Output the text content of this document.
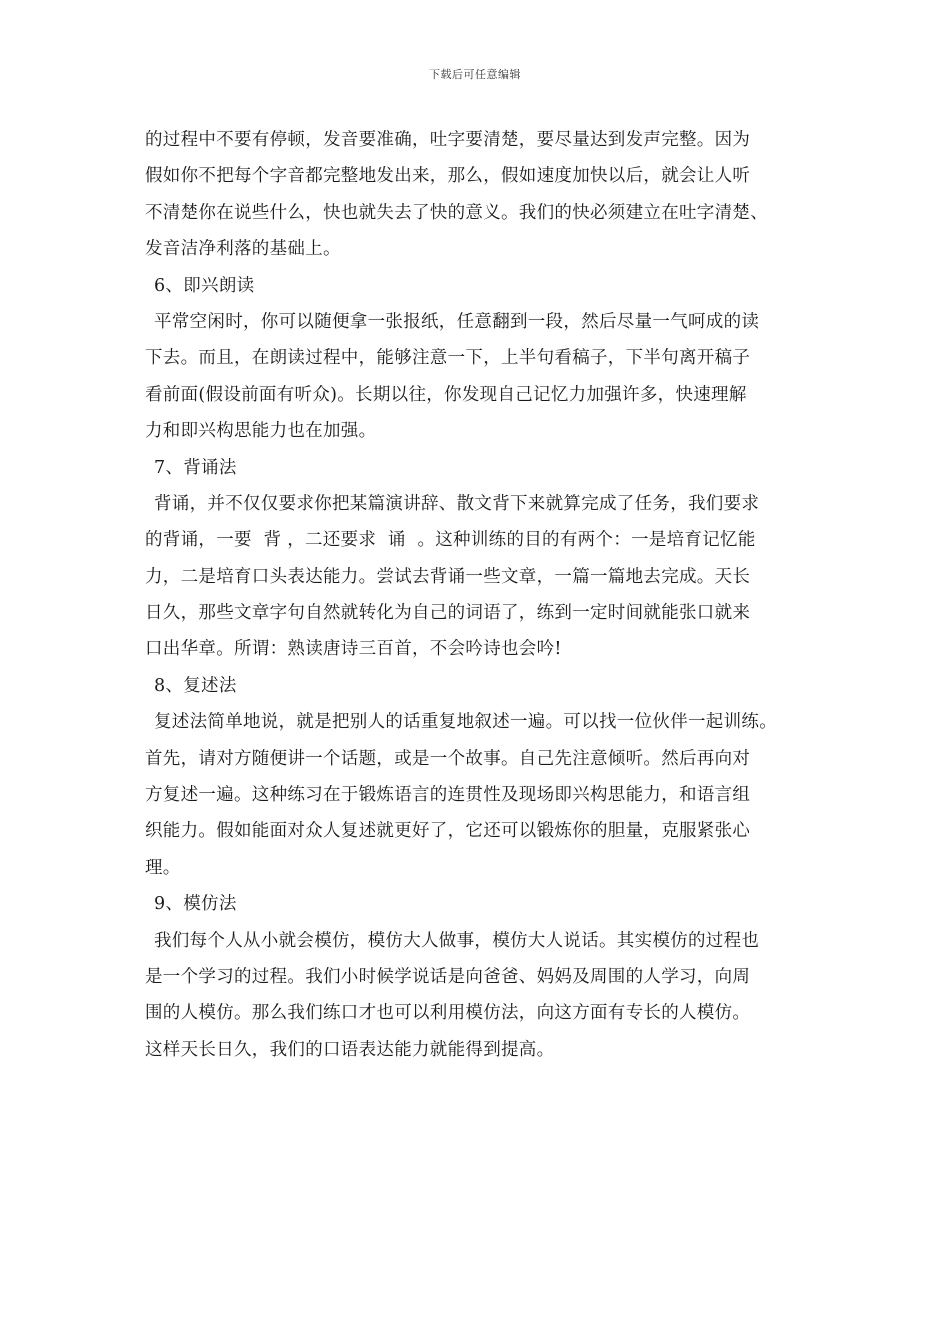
下载后可任意编辑
的过程中不要有停顿，发音要准确，吐字要清楚，要尽量达到发声完整。因为
假如你不把每个字音都完整地发出来，那么，假如速度加快以后，就会让人听
不清楚你在说些什么，快也就失去了快的意义。我们的快必须建立在吐字清楚、
发音洁净利落的基础上。
6、即兴朗读
平常空闲时，你可以随便拿一张报纸，任意翻到一段，然后尽量一气呵成的读
下去。而且，在朗读过程中，能够注意一下，上半句看稿子，下半句离开稿子
看前面(假设前面有听众)。长期以往，你发现自己记忆力加强许多，快速理解
力和即兴构思能力也在加强。
7、背诵法
背诵，并不仅仅要求你把某篇演讲辞、散文背下来就算完成了任务，我们要求
的背诵，一要  背 ，二还要求  诵  。这种训练的目的有两个：一是培育记忆能
力，二是培育口头表达能力。尝试去背诵一些文章，一篇一篇地去完成。天长
日久，那些文章字句自然就转化为自己的词语了，练到一定时间就能张口就来
口出华章。所谓：熟读唐诗三百首，不会吟诗也会吟!
8、复述法
复述法简单地说，就是把别人的话重复地叙述一遍。可以找一位伙伴一起训练。
首先，请对方随便讲一个话题，或是一个故事。自己先注意倾听。然后再向对
方复述一遍。这种练习在于锻炼语言的连贯性及现场即兴构思能力，和语言组
织能力。假如能面对众人复述就更好了，它还可以锻炼你的胆量，克服紧张心
理。
9、模仿法
我们每个人从小就会模仿，模仿大人做事，模仿大人说话。其实模仿的过程也
是一个学习的过程。我们小时候学说话是向爸爸、妈妈及周围的人学习，向周
围的人模仿。那么我们练口才也可以利用模仿法，向这方面有专长的人模仿。
这样天长日久，我们的口语表达能力就能得到提高。
